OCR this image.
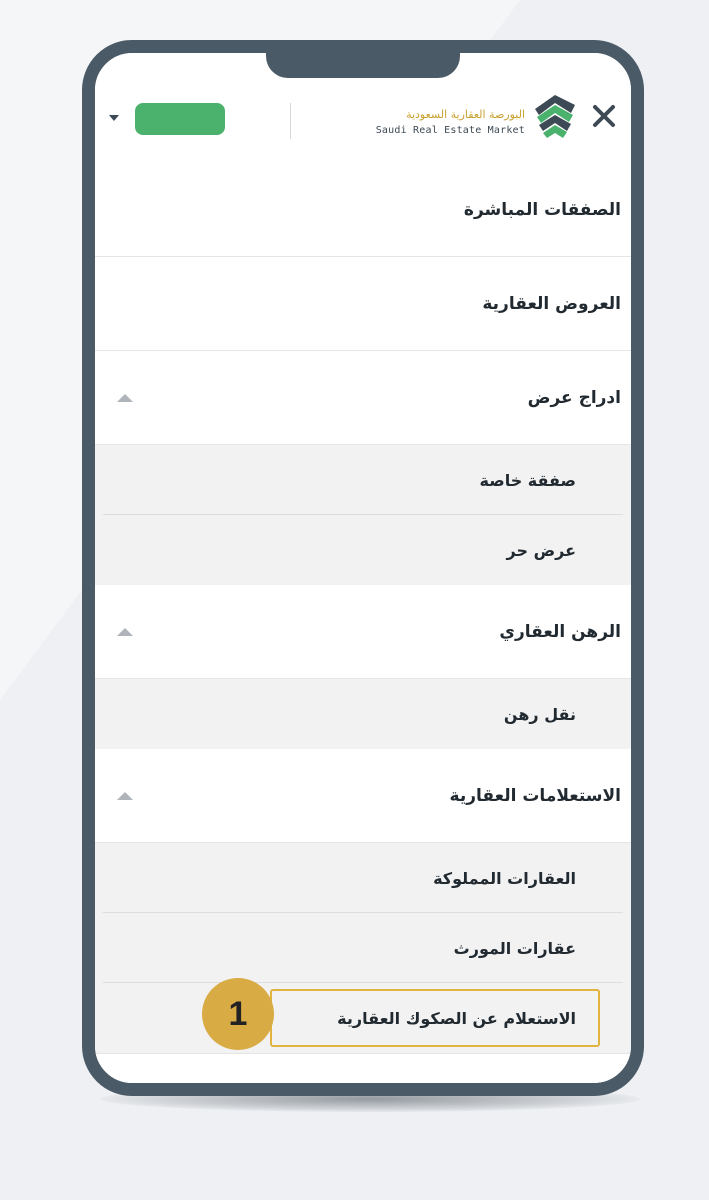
البورصة العقارية السعودية
Saudi Real Estate Market
الصفقات المباشرة
العروض العقارية
ادراج عرض
صفقة خاصة
عرض حر
الرهن العقاري
نقل رهن
الاستعلامات العقارية
العقارات المملوكة
عقارات المورث
1	الاستعلام عن الصكوك العقارية
